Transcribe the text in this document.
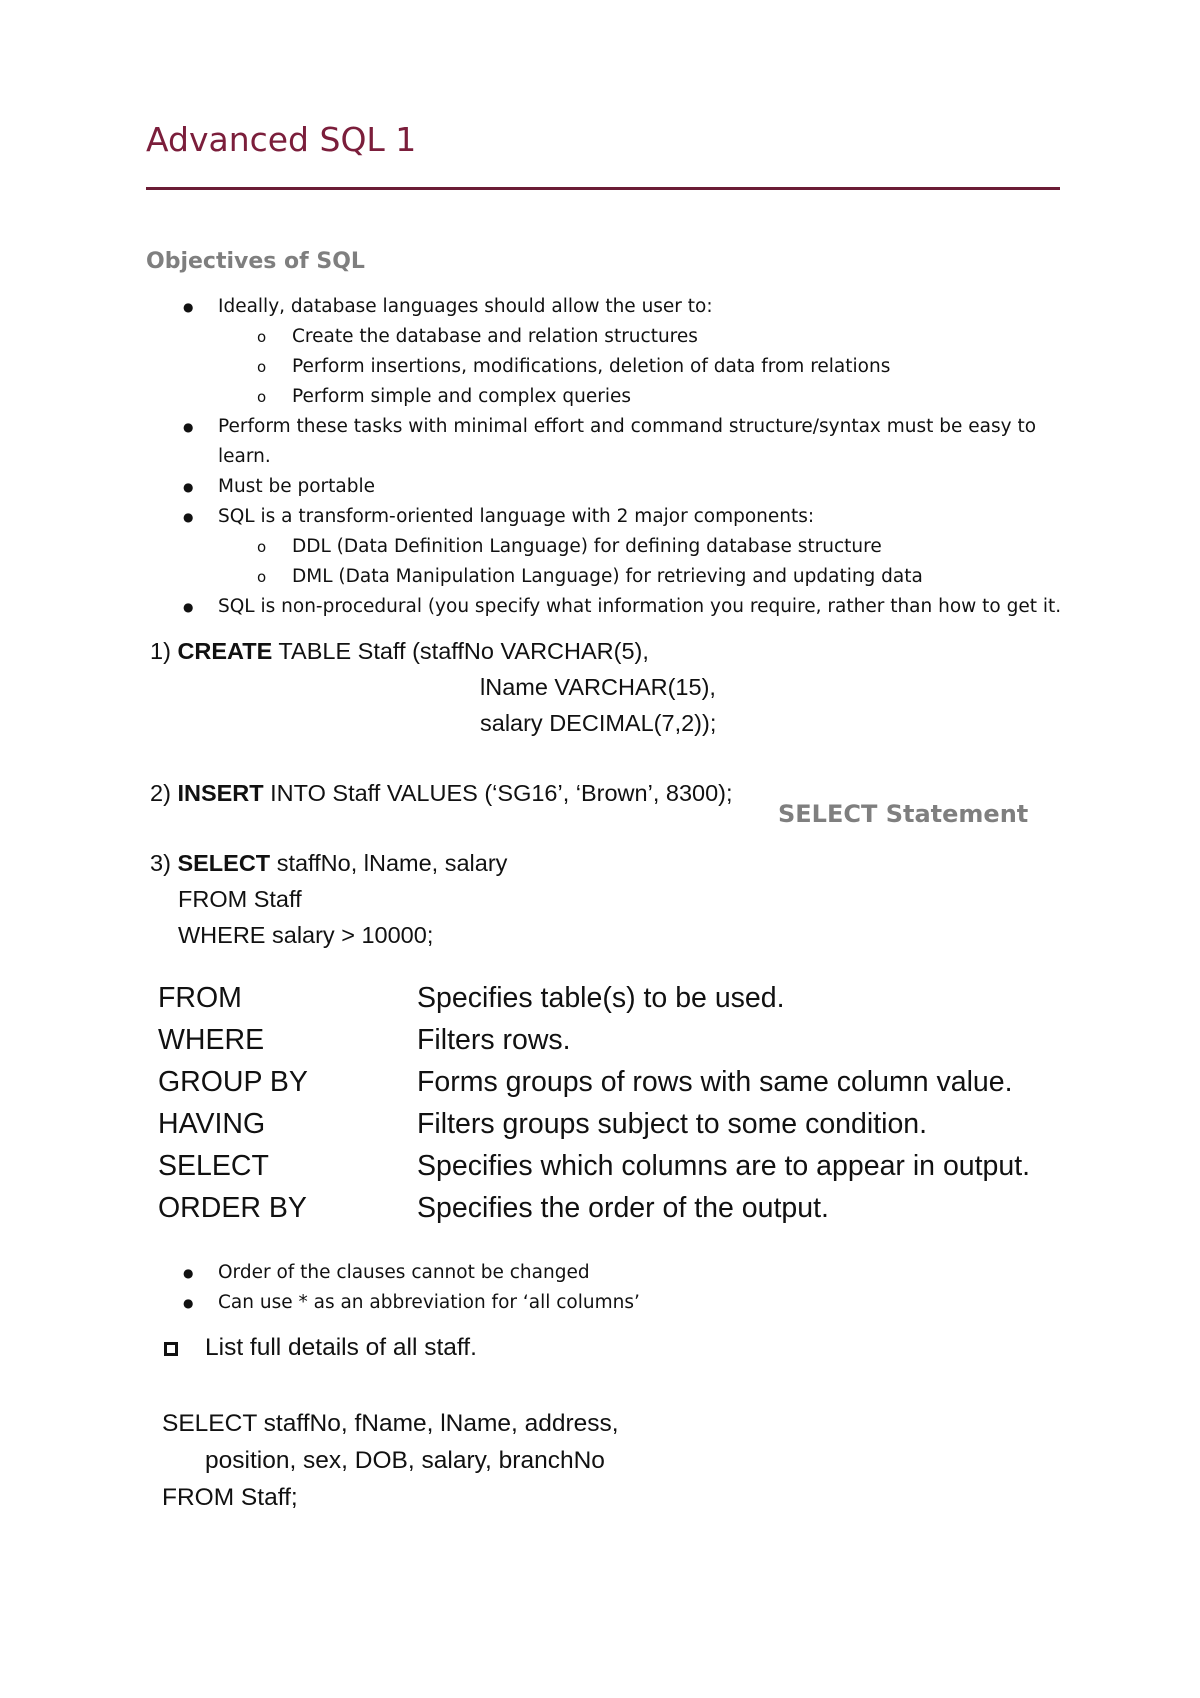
Advanced SQL 1
Objectives of SQL
● Ideally, database languages should allow the user to:
o Create the database and relation structures
o Perform insertions, modifications, deletion of data from relations
o Perform simple and complex queries
● Perform these tasks with minimal effort and command structure/syntax must be easy to
learn.
● Must be portable
● SQL is a transform-oriented language with 2 major components:
o DDL (Data Definition Language) for defining database structure
o DML (Data Manipulation Language) for retrieving and updating data
● SQL is non-procedural (you specify what information you require, rather than how to get it.
1) CREATE TABLE Staff (staffNo VARCHAR(5),
lName VARCHAR(15),
salary DECIMAL(7,2));
2) INSERT INTO Staff VALUES (‘SG16’, ‘Brown’, 8300);
3) SELECT staffNo, lName, salary
FROM Staff
WHERE salary > 10000;
SELECT Statement
FROM	Specifies table(s) to be used.
WHERE	Filters rows.
GROUP BY	Forms groups of rows with same column value.
HAVING	Filters groups subject to some condition.
SELECT	Specifies which columns are to appear in output.
ORDER BY	Specifies the order of the output.
● Order of the clauses cannot be changed
● Can use * as an abbreviation for ‘all columns’
List full details of all staff.
SELECT staffNo, fName, lName, address,
position, sex, DOB, salary, branchNo
FROM Staff;
